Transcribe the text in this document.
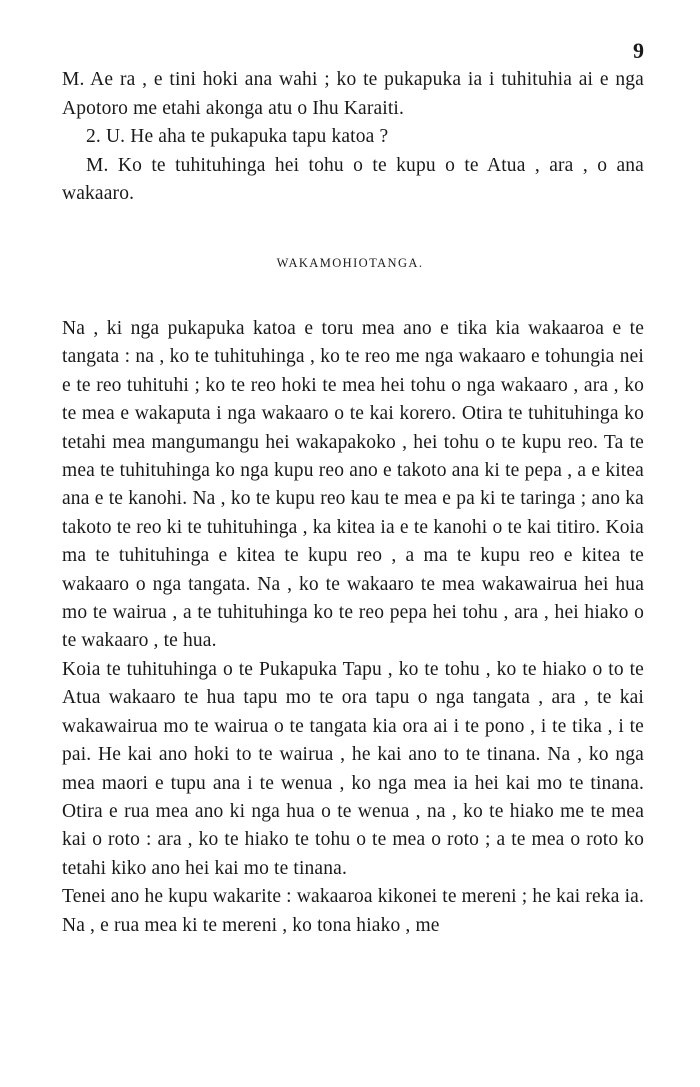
9

M. Ae ra , e tini hoki ana wahi ; ko te pukapuka ia i tuhituhia ai e nga Apotoro me etahi akonga atu o Ihu Karaiti.

2. U. He aha te pukapuka tapu katoa ?

M. Ko te tuhituhinga hei tohu o te kupu o te Atua , ara , o ana wakaaro.

WAKAMOHIOTANGA.

Na , ki nga pukapuka katoa e toru mea ano e tika kia wakaaroa e te tangata : na , ko te tuhituhinga , ko te reo me nga wakaaro e tohungia nei e te reo tuhituhi ; ko te reo hoki te mea hei tohu o nga wakaaro , ara , ko te mea e wakaputa i nga wakaaro o te kai korero. Otira te tuhituhinga ko tetahi mea mangumangu hei wakapakoko , hei tohu o te kupu reo. Ta te mea te tuhituhinga ko nga kupu reo ano e takoto ana ki te pepa , a e kitea ana e te kanohi. Na , ko te kupu reo kau te mea e pa ki te taringa ; ano ka takoto te reo ki te tuhituhinga , ka kitea ia e te kanohi o te kai titiro. Koia ma te tuhituhinga e kitea te kupu reo , a ma te kupu reo e kitea te wakaaro o nga tangata. Na , ko te wakaaro te mea wakawairua hei hua mo te wairua , a te tuhituhinga ko te reo pepa hei tohu , ara , hei hiako o te wakaaro , te hua.

Koia te tuhituhinga o te Pukapuka Tapu , ko te tohu , ko te hiako o to te Atua wakaaro te hua tapu mo te ora tapu o nga tangata , ara , te kai wakawairua mo te wairua o te tangata kia ora ai i te pono , i te tika , i te pai. He kai ano hoki to te wairua , he kai ano to te tinana. Na , ko nga mea maori e tupu ana i te wenua , ko nga mea ia hei kai mo te tinana. Otira e rua mea ano ki nga hua o te wenua , na , ko te hiako me te mea kai o roto : ara , ko te hiako te tohu o te mea o roto ; a te mea o roto ko tetahi kiko ano hei kai mo te tinana.

Tenei ano he kupu wakarite : wakaaroa kikonei te mereni ; he kai reka ia. Na , e rua mea ki te mereni , ko tona hiako , me
